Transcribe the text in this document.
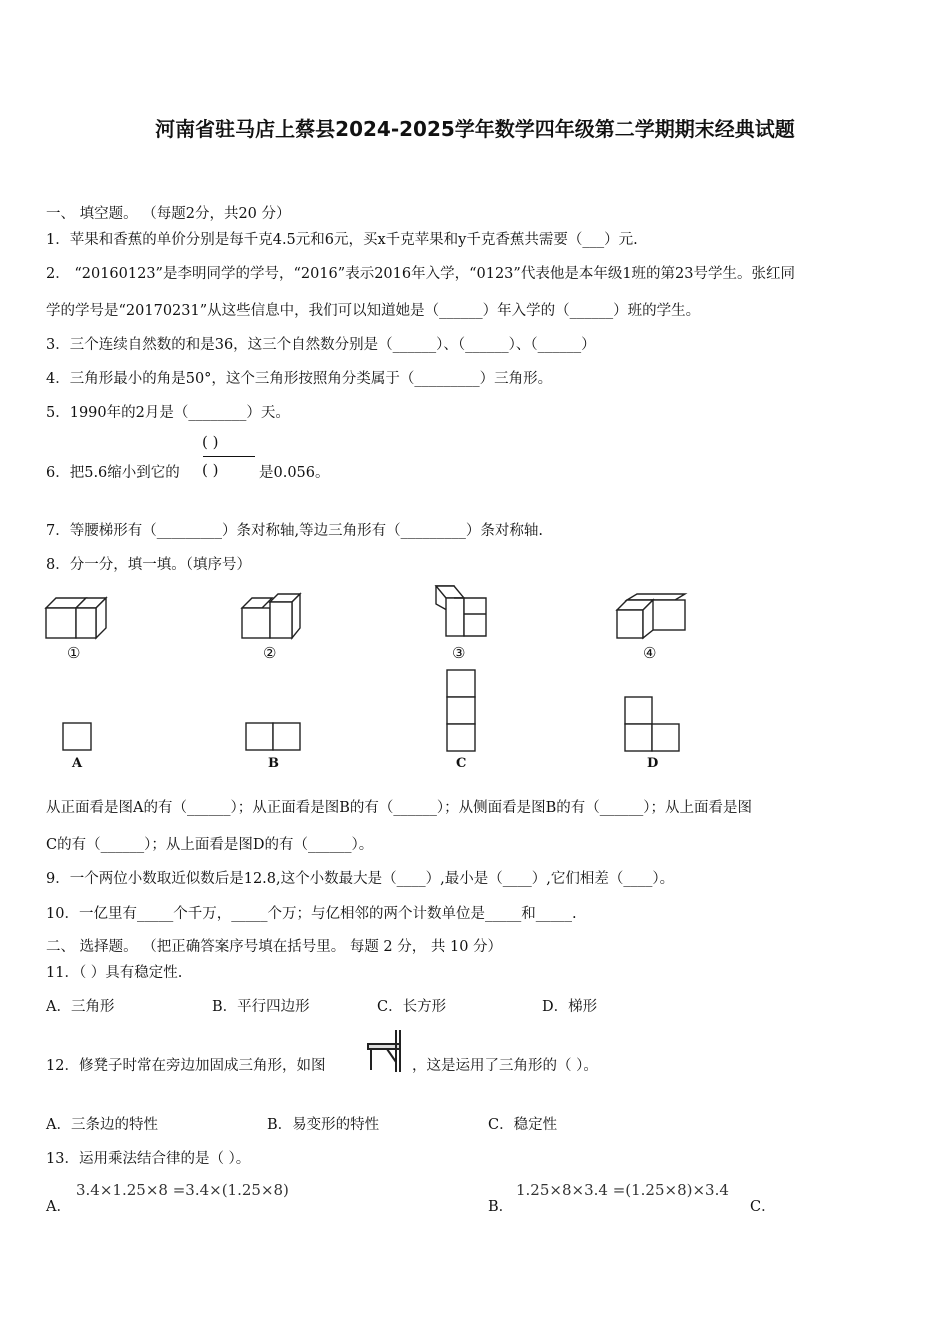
河南省驻马店上蔡县2024-2025学年数学四年级第二学期期末经典试题
一、 填空题。 （每题2分，共20 分）
1．苹果和香蕉的单价分别是每千克4.5元和6元，买x千克苹果和y千克香蕉共需要（___）元.
2． “20160123”是李明同学的学号，“2016”表示2016年入学，“0123”代表他是本年级1班的第23号学生。张红同
学的学号是“20170231”从这些信息中，我们可以知道她是（______）年入学的（______）班的学生。
3．三个连续自然数的和是36，这三个自然数分别是（______）、（______）、（______）
4．三角形最小的角是50°，这个三角形按照角分类属于（_________）三角形。
5．1990年的2月是（________）天。
6．把5.6缩小到它的
( )
( )	是0.056。
7．等腰梯形有（_________）条对称轴,等边三角形有（_________）条对称轴.
8．分一分，填一填。（填序号）
①	②	③	④
A	B	C	D
从正面看是图A的有（______）；从正面看是图B的有（______）；从侧面看是图B的有（______）；从上面看是图
C的有（______）；从上面看是图D的有（______）。
9．一个两位小数取近似数后是12.8,这个小数最大是（____）,最小是（____）,它们相差（____）。
10．一亿里有_____个千万，_____个万；与亿相邻的两个计数单位是_____和_____.
二、 选择题。 （把正确答案序号填在括号里。 每题 2 分， 共 10 分）
11．（ ）具有稳定性.
A．三角形	B．平行四边形	C．长方形	D．梯形
12．修凳子时常在旁边加固成三角形，如图	，这是运用了三角形的（ ）。
A．三条边的特性	B．易变形的特性	C．稳定性
13．运用乘法结合律的是（ ）。
A．
3.4×1.25×8 =3.4×(1.25×8)
B．
1.25×8×3.4 =(1.25×8)×3.4
C．
